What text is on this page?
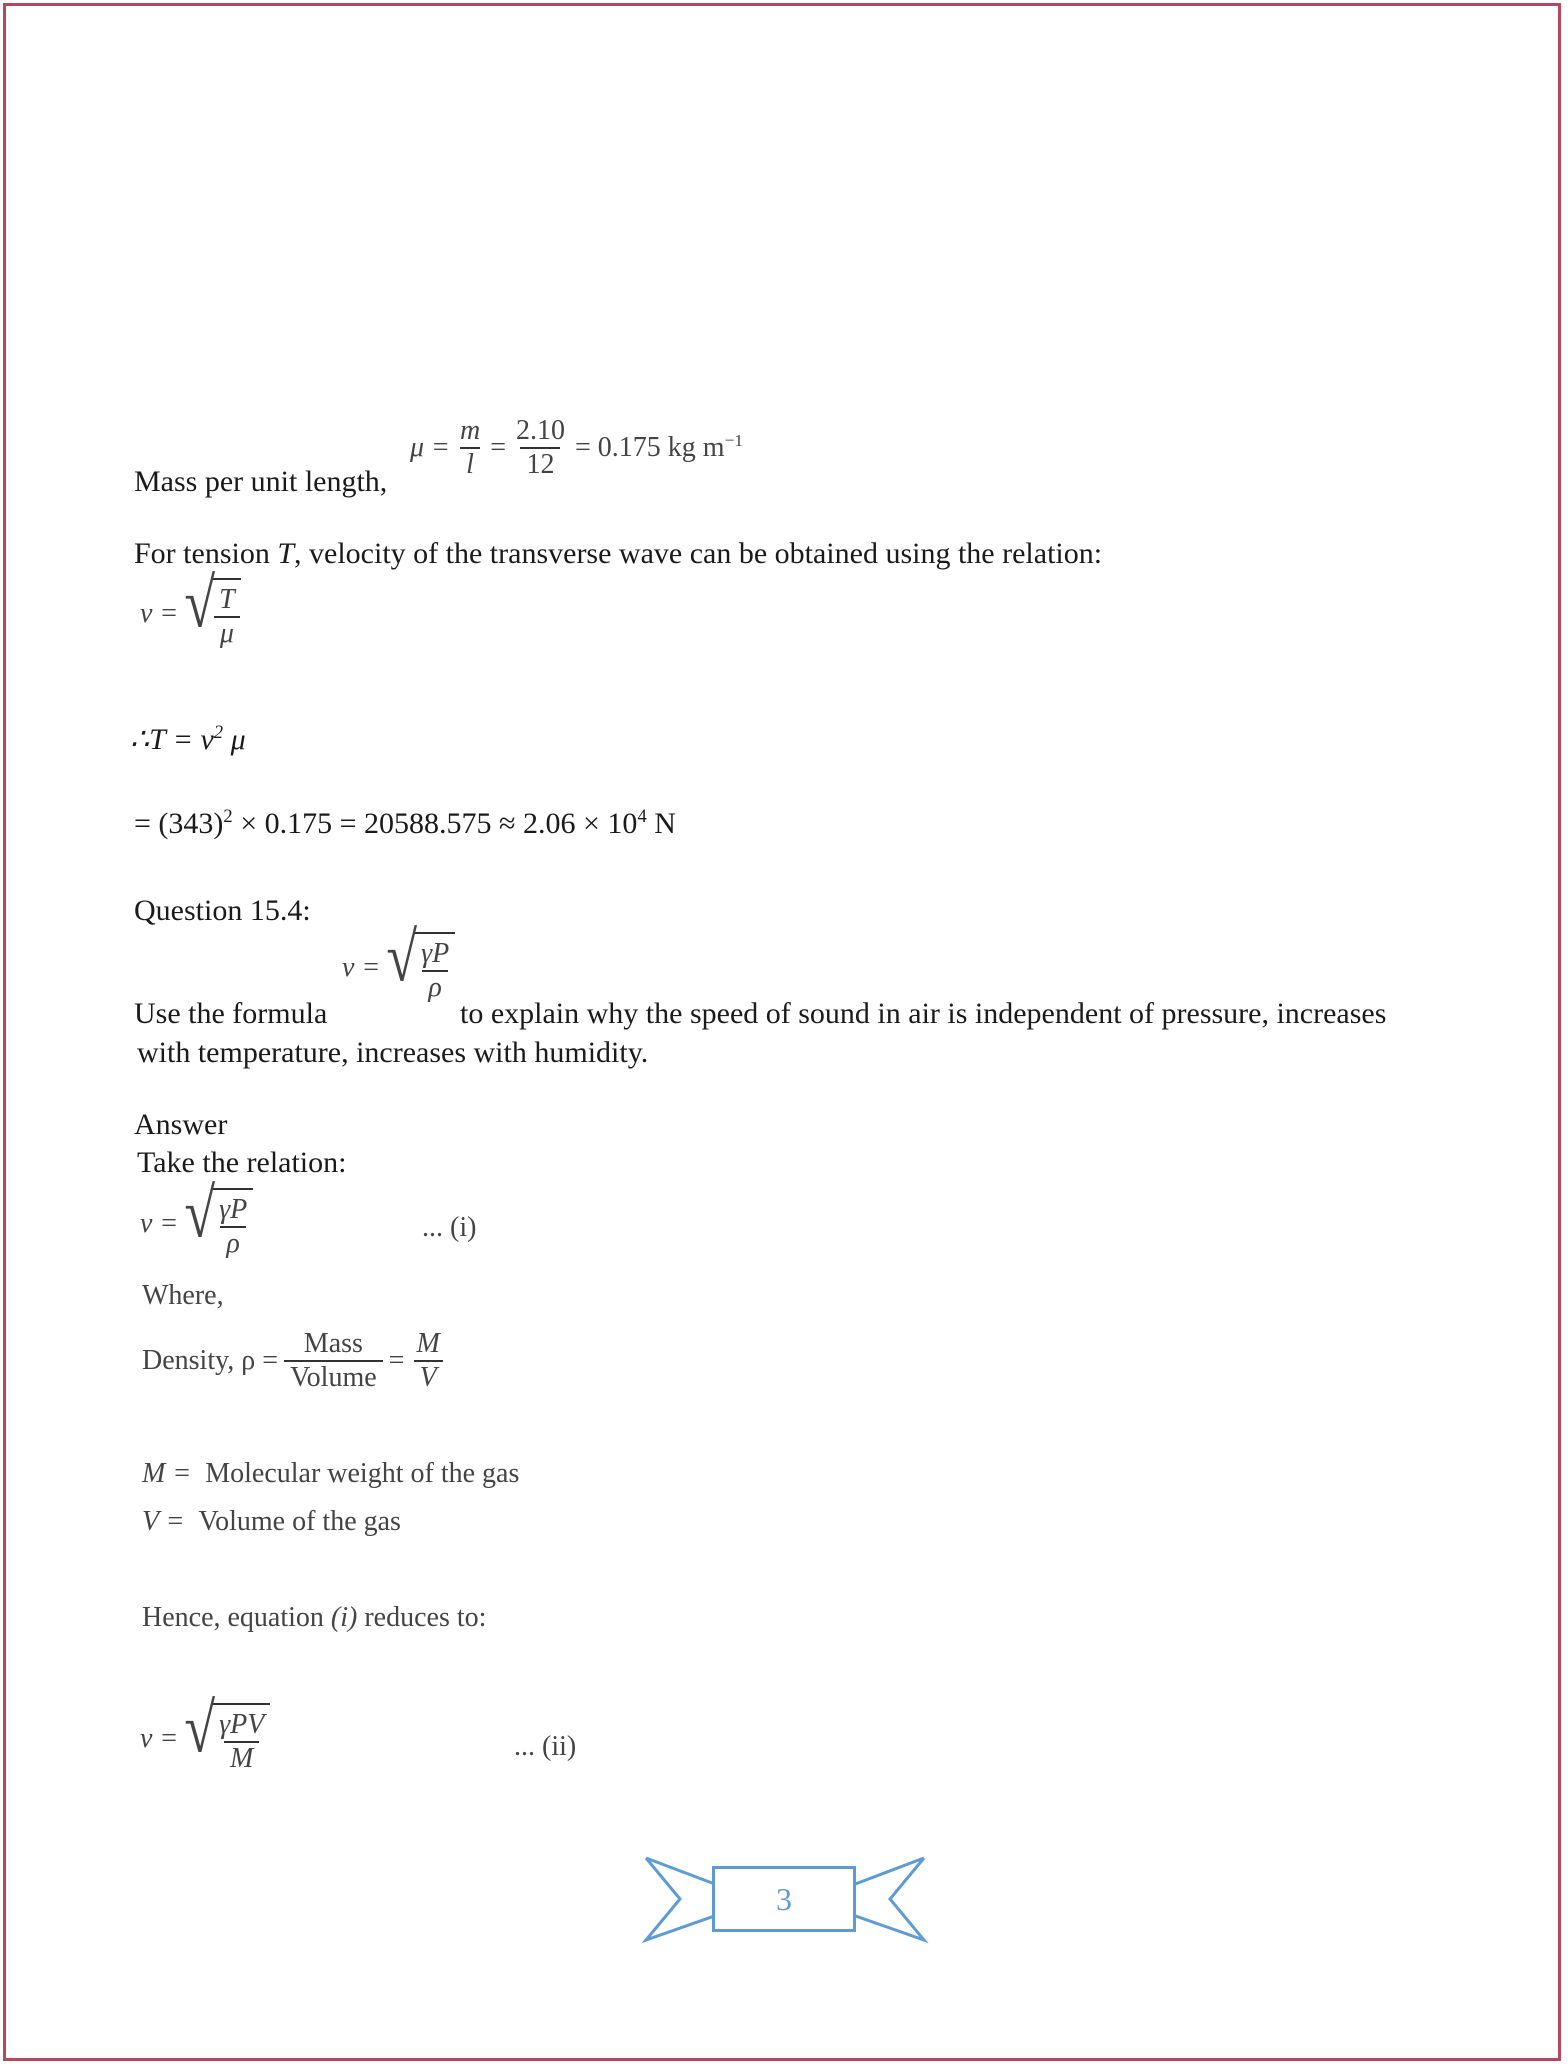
Mass per unit length,
$\mu = \frac{m}{l} = \frac{2.10}{12} = 0.175$ kg $m^{-1}$
For tension T, velocity of the transverse wave can be obtained using the relation:
v = √
$\frac{T}{\mu}$
∴T = $v^2$ μ
= $(343)^2 \times 0.175 = 20588.575 \approx 2.06 \times 10^4$ N
Question 15.4:
Use the formula
v = √
$\frac{\gamma P}{\rho}$
to explain why the speed of sound in air is independent of pressure, increases
with temperature, increases with humidity.
Answer
Take the relation:
v = √
$\frac{\gamma P}{\rho}$	... (i)
Where,
Density, $\rho = \frac{\text{Mass}}{\text{Volume}} = \frac{M}{V}$
M = Molecular weight of the gas
V = Volume of the gas
Hence, equation (i) reduces to:
v = √
$\frac{\text{γPV}}{M}$	... (ii)
3
